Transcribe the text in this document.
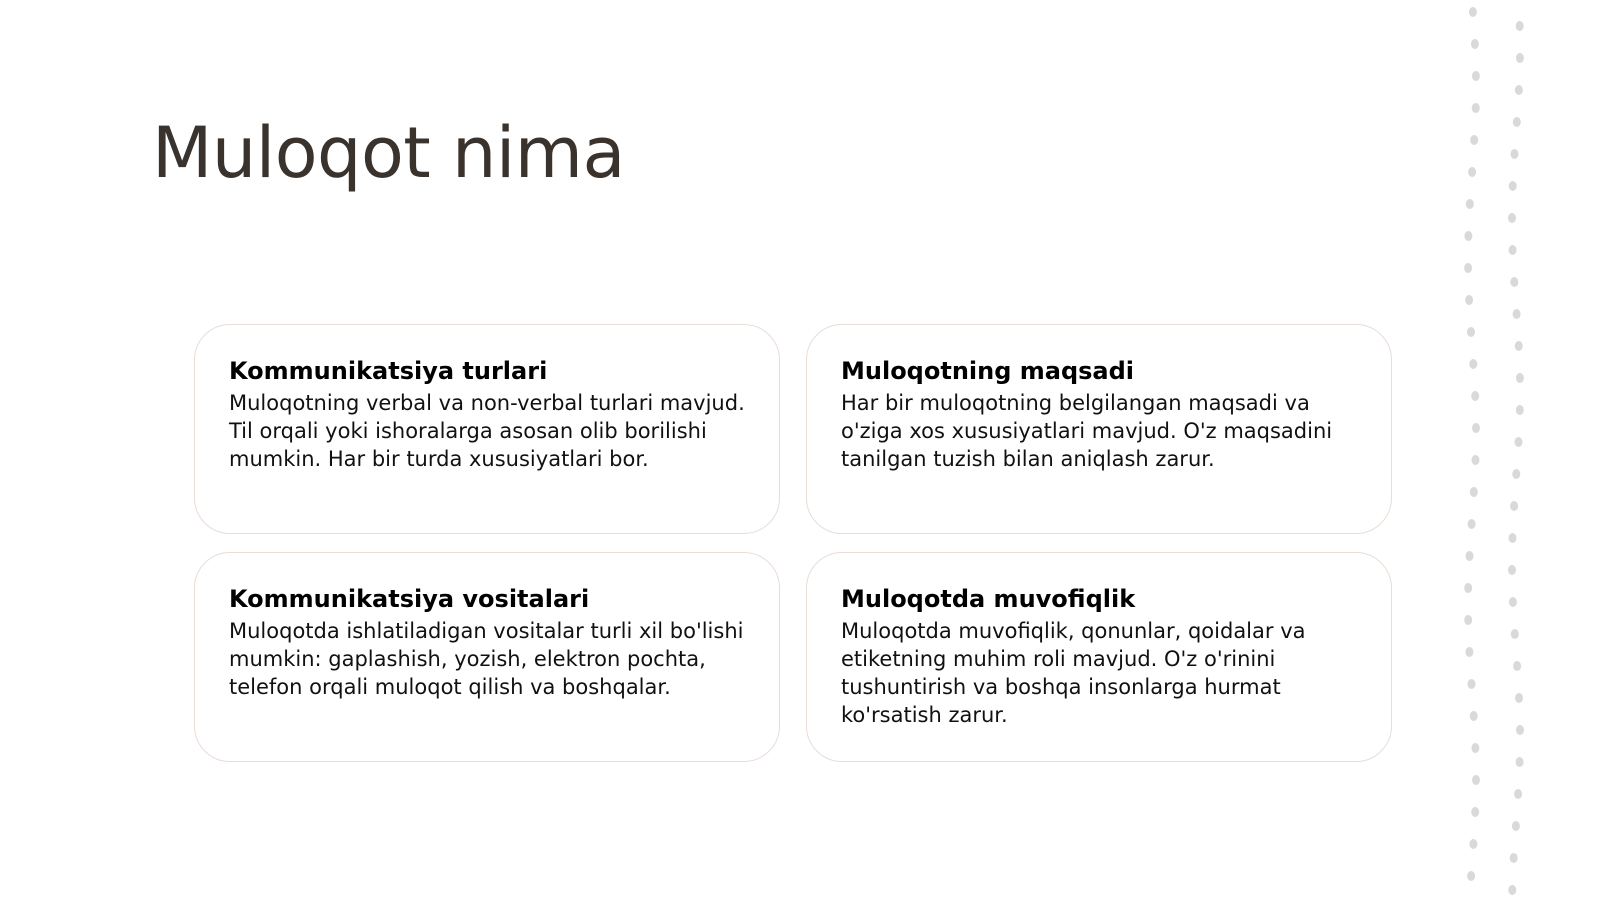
Muloqot nima
Kommunikatsiya turlari

Muloqotning verbal va non-verbal turlari mavjud. Til orqali yoki ishoralarga asosan olib borilishi mumkin. Har bir turda xususiyatlari bor.

Muloqotning maqsadi

Har bir muloqotning belgilangan maqsadi va o'ziga xos xususiyatlari mavjud. O'z maqsadini tanilgan tuzish bilan aniqlash zarur.

Kommunikatsiya vositalari

Muloqotda ishlatiladigan vositalar turli xil bo'lishi mumkin: gaplashish, yozish, elektron pochta, telefon orqali muloqot qilish va boshqalar.

Muloqotda muvofiqlik

Muloqotda muvofiqlik, qonunlar, qoidalar va etiketning muhim roli mavjud. O'z o'rinini tushuntirish va boshqa insonlarga hurmat ko'rsatish zarur.
